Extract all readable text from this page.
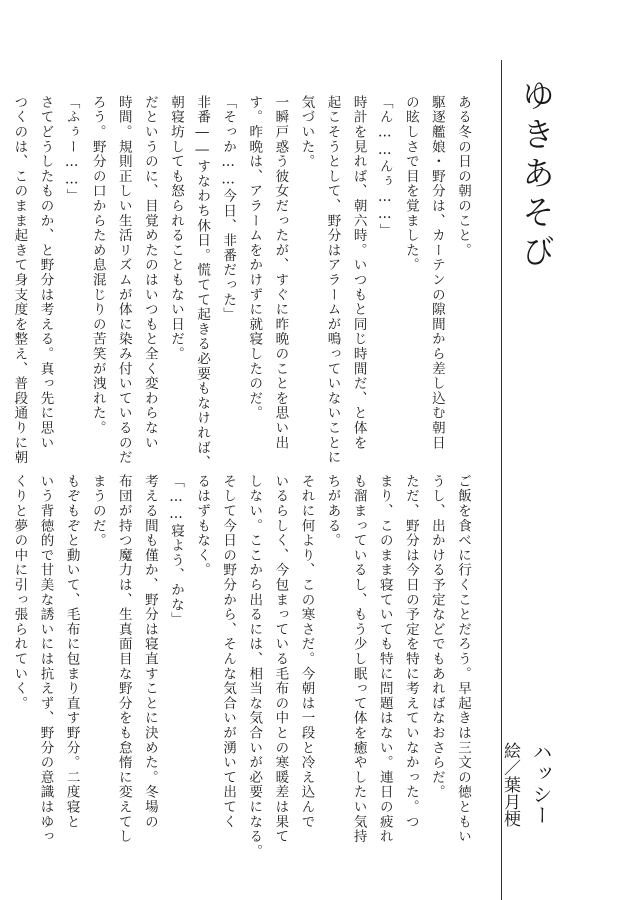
ゆきあそび
ハッシー
絵／葉月梗
ある冬の日の朝のこと。
駆逐艦娘・野分は、カーテンの隙間から差し込む朝日
の眩しさで目を覚ました。
「ん……んぅ……」
時計を見れば、朝六時。いつもと同じ時間だ、と体を
起こそうとして、野分はアラームが鳴っていないことに
気づいた。
一瞬戸惑う彼女だったが、すぐに昨晩のことを思い出
す。昨晩は、アラームをかけずに就寝したのだ。
「そっか……今日、非番だった」
非番――すなわち休日。慌てて起きる必要もなければ、
朝寝坊しても怒られることもない日だ。
だというのに、目覚めたのはいつもと全く変わらない
時間。規則正しい生活リズムが体に染み付いているのだ
ろう。野分の口からため息混じりの苦笑が洩れた。
「ふぅー……」
さてどうしたものか、と野分は考える。真っ先に思い
つくのは、このまま起きて身支度を整え、普段通りに朝
ご飯を食べに行くことだろう。早起きは三文の徳ともい
うし、出かける予定などでもあればなおさらだ。
ただ、野分は今日の予定を特に考えていなかった。つ
まり、このまま寝ていても特に問題はない。連日の疲れ
も溜まっているし、もう少し眠って体を癒やしたい気持
ちがある。
それに何より、この寒さだ。今朝は一段と冷え込んで
いるらしく、今包まっている毛布の中との寒暖差は果て
しない。ここから出るには、相当な気合いが必要になる。
そして今日の野分から、そんな気合いが湧いて出てく
るはずもなく。
「……寝よう、かな」
考える間も僅か、野分は寝直すことに決めた。冬場の
布団が持つ魔力は、生真面目な野分をも怠惰に変えてし
まうのだ。
もぞもぞと動いて、毛布に包まり直す野分。二度寝と
いう背徳的で甘美な誘いには抗えず、野分の意識はゆっ
くりと夢の中に引っ張られていく。
